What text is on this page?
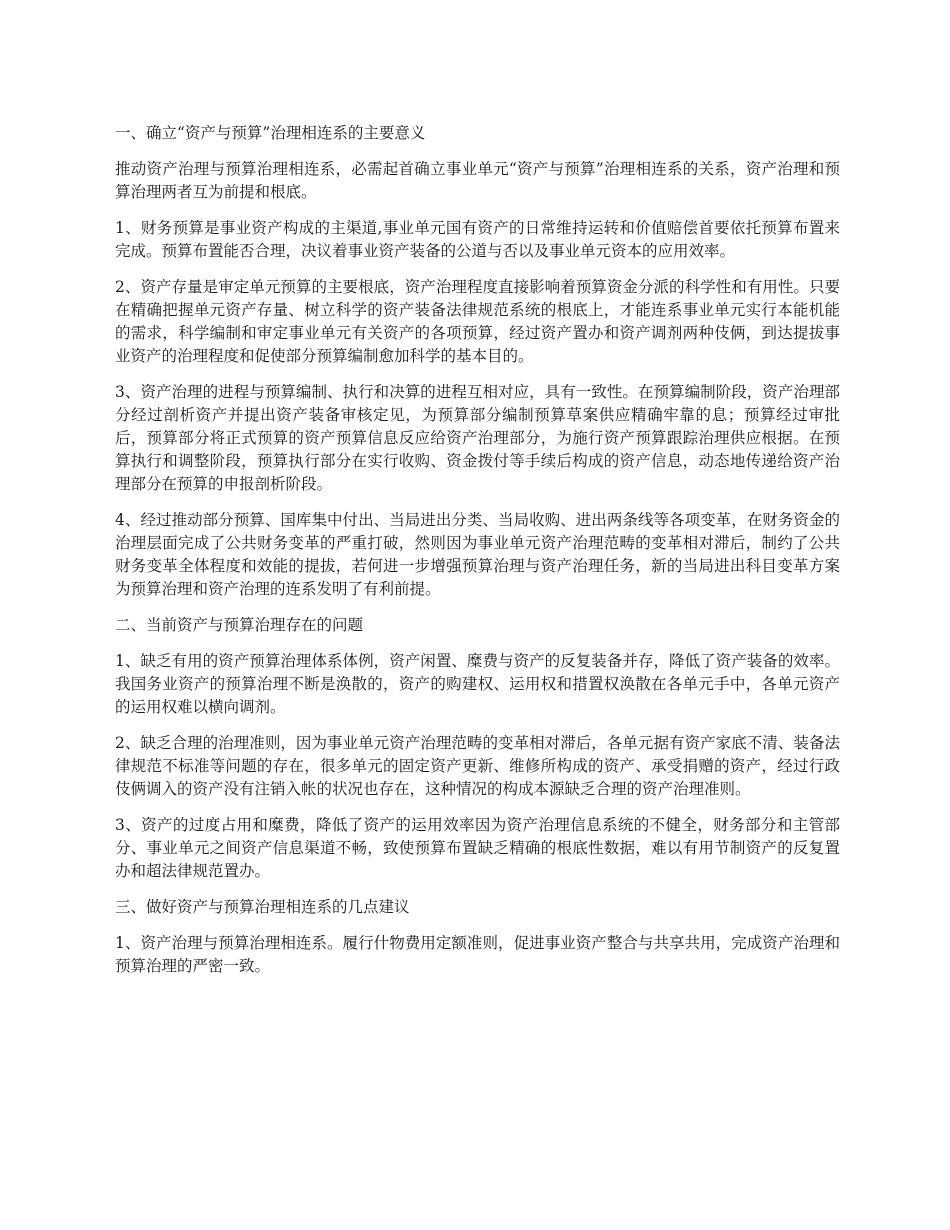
一、确立“资产与预算”治理相连系的主要意义

推动资产治理与预算治理相连系，必需起首确立事业单元“资产与预算”治理相连系的关系，资产治理和预算治理两者互为前提和根底。

1、财务预算是事业资产构成的主渠道,事业单元国有资产的日常维持运转和价值赔偿首要依托预算布置来完成。预算布置能否合理，决议着事业资产装备的公道与否以及事业单元资本的应用效率。

2、资产存量是审定单元预算的主要根底，资产治理程度直接影响着预算资金分派的科学性和有用性。只要在精确把握单元资产存量、树立科学的资产装备法律规范系统的根底上，才能连系事业单元实行本能机能的需求，科学编制和审定事业单元有关资产的各项预算，经过资产置办和资产调剂两种伎俩，到达提拔事业资产的治理程度和促使部分预算编制愈加科学的基本目的。

3、资产治理的进程与预算编制、执行和决算的进程互相对应，具有一致性。在预算编制阶段，资产治理部分经过剖析资产并提出资产装备审核定见，为预算部分编制预算草案供应精确牢靠的息；预算经过审批后，预算部分将正式预算的资产预算信息反应给资产治理部分，为施行资产预算跟踪治理供应根据。在预算执行和调整阶段，预算执行部分在实行收购、资金拨付等手续后构成的资产信息，动态地传递给资产治理部分在预算的申报剖析阶段。

4、经过推动部分预算、国库集中付出、当局进出分类、当局收购、进出两条线等各项变革，在财务资金的治理层面完成了公共财务变革的严重打破，然则因为事业单元资产治理范畴的变革相对滞后，制约了公共财务变革全体程度和效能的提拔，若何进一步增强预算治理与资产治理任务，新的当局进出科目变革方案为预算治理和资产治理的连系发明了有利前提。

二、当前资产与预算治理存在的问题

1、缺乏有用的资产预算治理体系体例，资产闲置、糜费与资产的反复装备并存，降低了资产装备的效率。我国务业资产的预算治理不断是涣散的，资产的购建权、运用权和措置权涣散在各单元手中，各单元资产的运用权难以横向调剂。

2、缺乏合理的治理准则，因为事业单元资产治理范畴的变革相对滞后，各单元据有资产家底不清、装备法律规范不标准等问题的存在，很多单元的固定资产更新、维修所构成的资产、承受捐赠的资产，经过行政伎俩调入的资产没有注销入帐的状况也存在，这种情况的构成本源缺乏合理的资产治理准则。

3、资产的过度占用和糜费，降低了资产的运用效率因为资产治理信息系统的不健全，财务部分和主管部分、事业单元之间资产信息渠道不畅，致使预算布置缺乏精确的根底性数据，难以有用节制资产的反复置办和超法律规范置办。

三、做好资产与预算治理相连系的几点建议

1、资产治理与预算治理相连系。履行什物费用定额准则，促进事业资产整合与共享共用，完成资产治理和预算治理的严密一致。
